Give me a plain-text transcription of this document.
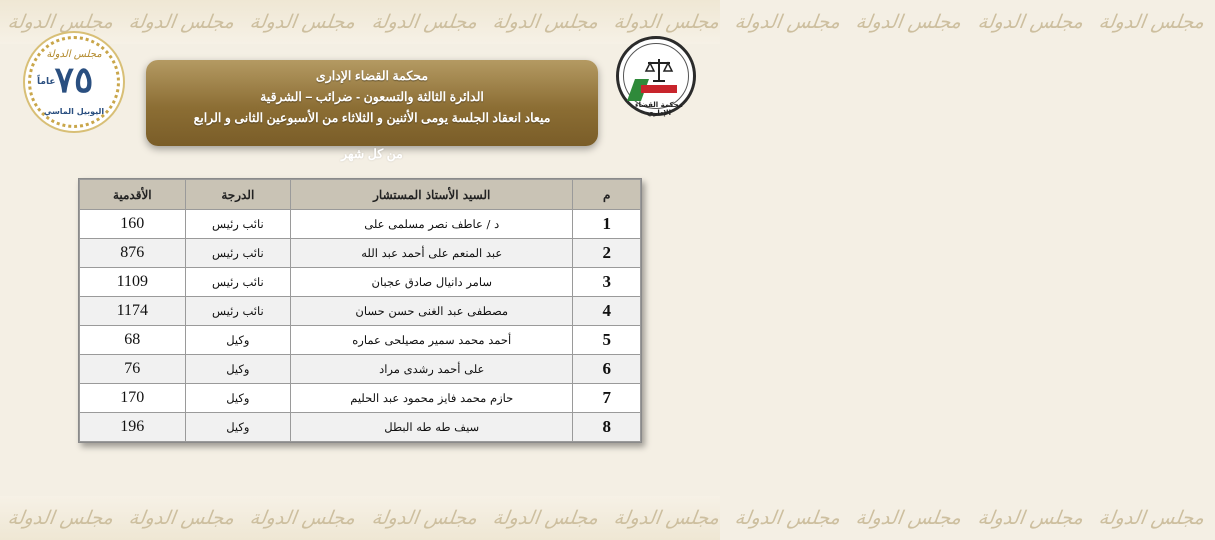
مجلس الدولة مجلس الدولة مجلس الدولة مجلس الدولة مجلس الدولة مجلس الدولة مجلس الدولة مجلس الدولة مجلس الدولة مجلس الدولة
مجلس الدولة مجلس الدولة مجلس الدولة مجلس الدولة مجلس الدولة مجلس الدولة مجلس الدولة مجلس الدولة مجلس الدولة مجلس الدولة
مجلس الدولة
٧٥
عاماً
اليوبيل الماسي
محكمة القضاء الإداري
محكمة القضاء الإدارى
الدائرة الثالثة والتسعون - ضرائب – الشرقية
ميعاد انعقاد الجلسة يومى الأثنين و الثلاثاء من الأسبوعين الثانى و الرابع
من كل شهر
م	السيد الأستاذ المستشار	الدرجة	الأقدمية
1	د / عاطف نصر مسلمى على	نائب رئيس	160
2	عبد المنعم على أحمد عبد الله	نائب رئيس	876
3	سامر دانيال صادق عجبان	نائب رئيس	1109
4	مصطفى عبد الغنى حسن حسان	نائب رئيس	1174
5	أحمد محمد سمير مصيلحى عماره	وكيل	68
6	على أحمد رشدى مراد	وكيل	76
7	حازم محمد فايز محمود عبد الحليم	وكيل	170
8	سيف طه طه البطل	وكيل	196
